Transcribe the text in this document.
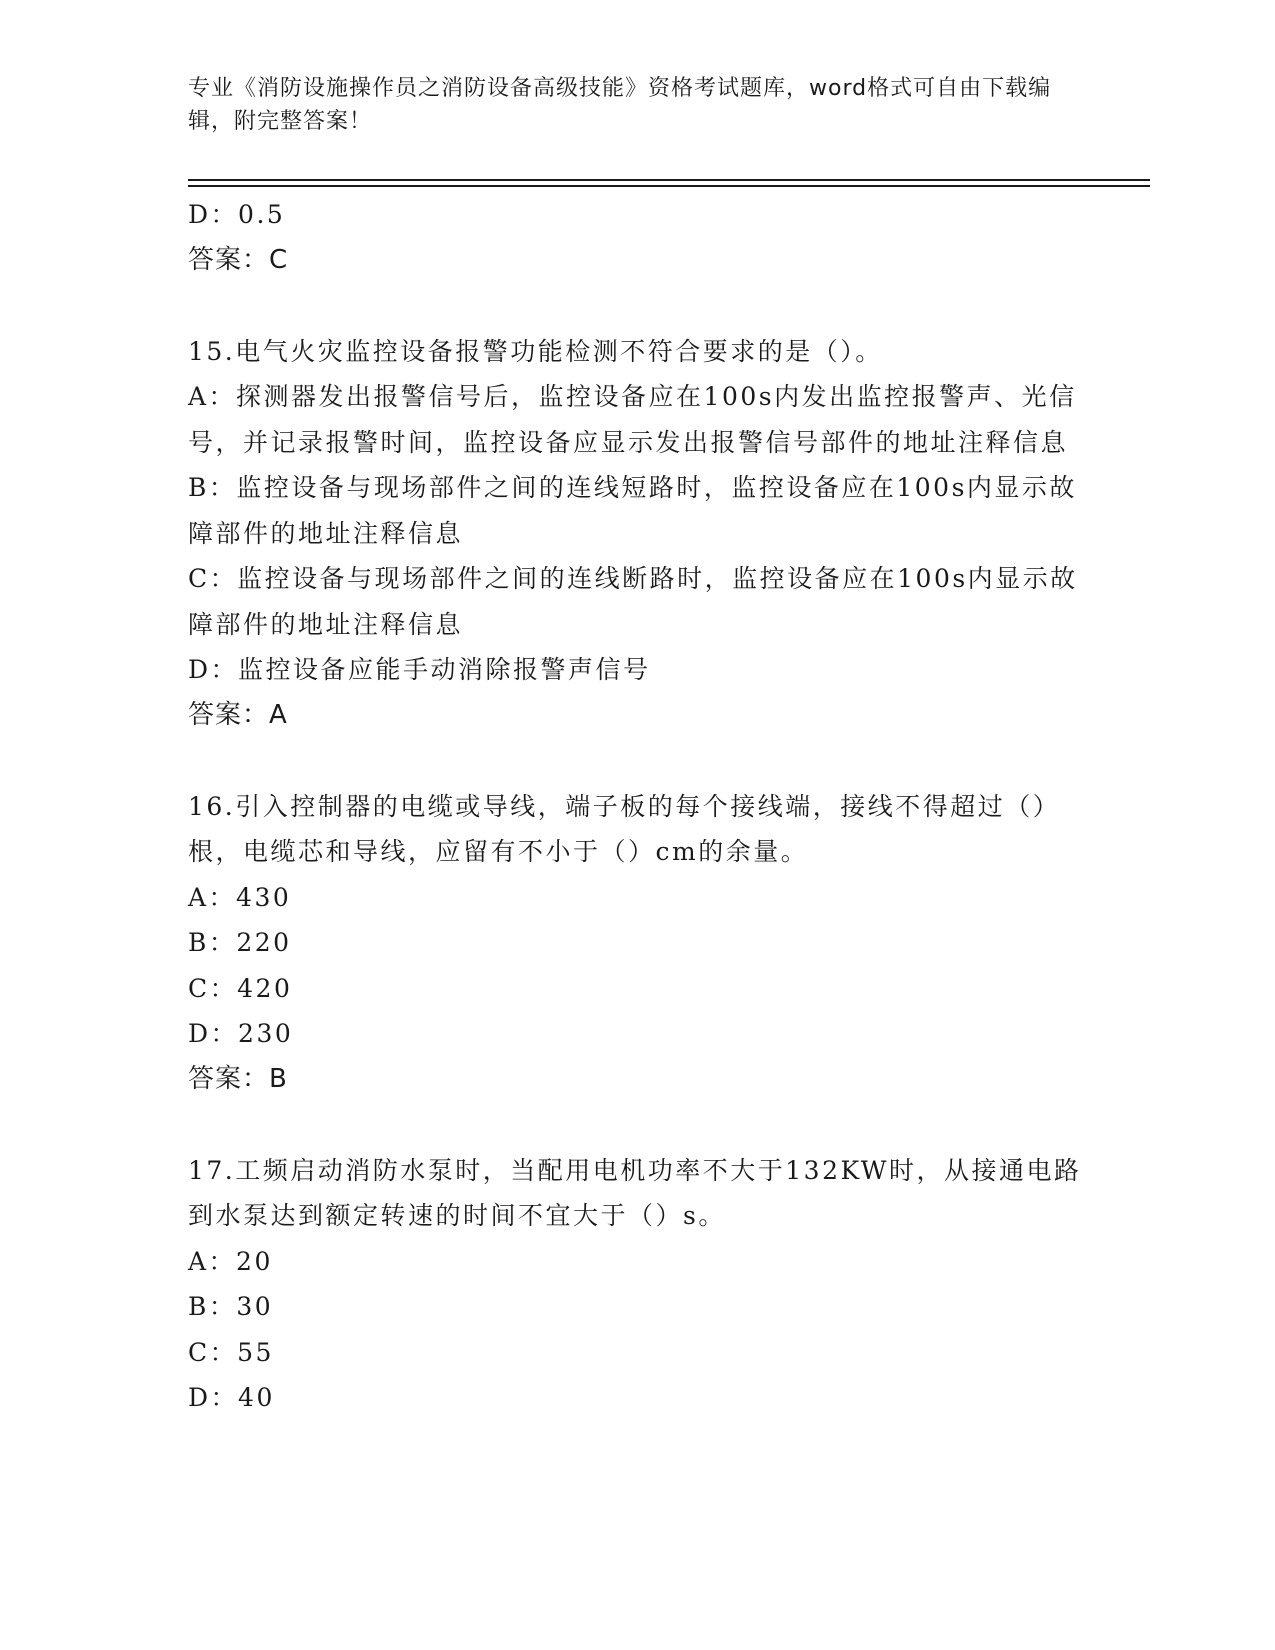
专业《消防设施操作员之消防设备高级技能》资格考试题库，word格式可自由下载编辑，附完整答案！
D：0.5
答案：C
15.电气火灾监控设备报警功能检测不符合要求的是（）。
A：探测器发出报警信号后，监控设备应在100s内发出监控报警声、光信号，并记录报警时间，监控设备应显示发出报警信号部件的地址注释信息
B：监控设备与现场部件之间的连线短路时，监控设备应在100s内显示故障部件的地址注释信息
C：监控设备与现场部件之间的连线断路时，监控设备应在100s内显示故障部件的地址注释信息
D：监控设备应能手动消除报警声信号
答案：A
16.引入控制器的电缆或导线，端子板的每个接线端，接线不得超过（）根，电缆芯和导线，应留有不小于（）cm的余量。
A：430
B：220
C：420
D：230
答案：B
17.工频启动消防水泵时，当配用电机功率不大于132KW时，从接通电路到水泵达到额定转速的时间不宜大于（）s。
A：20
B：30
C：55
D：40
